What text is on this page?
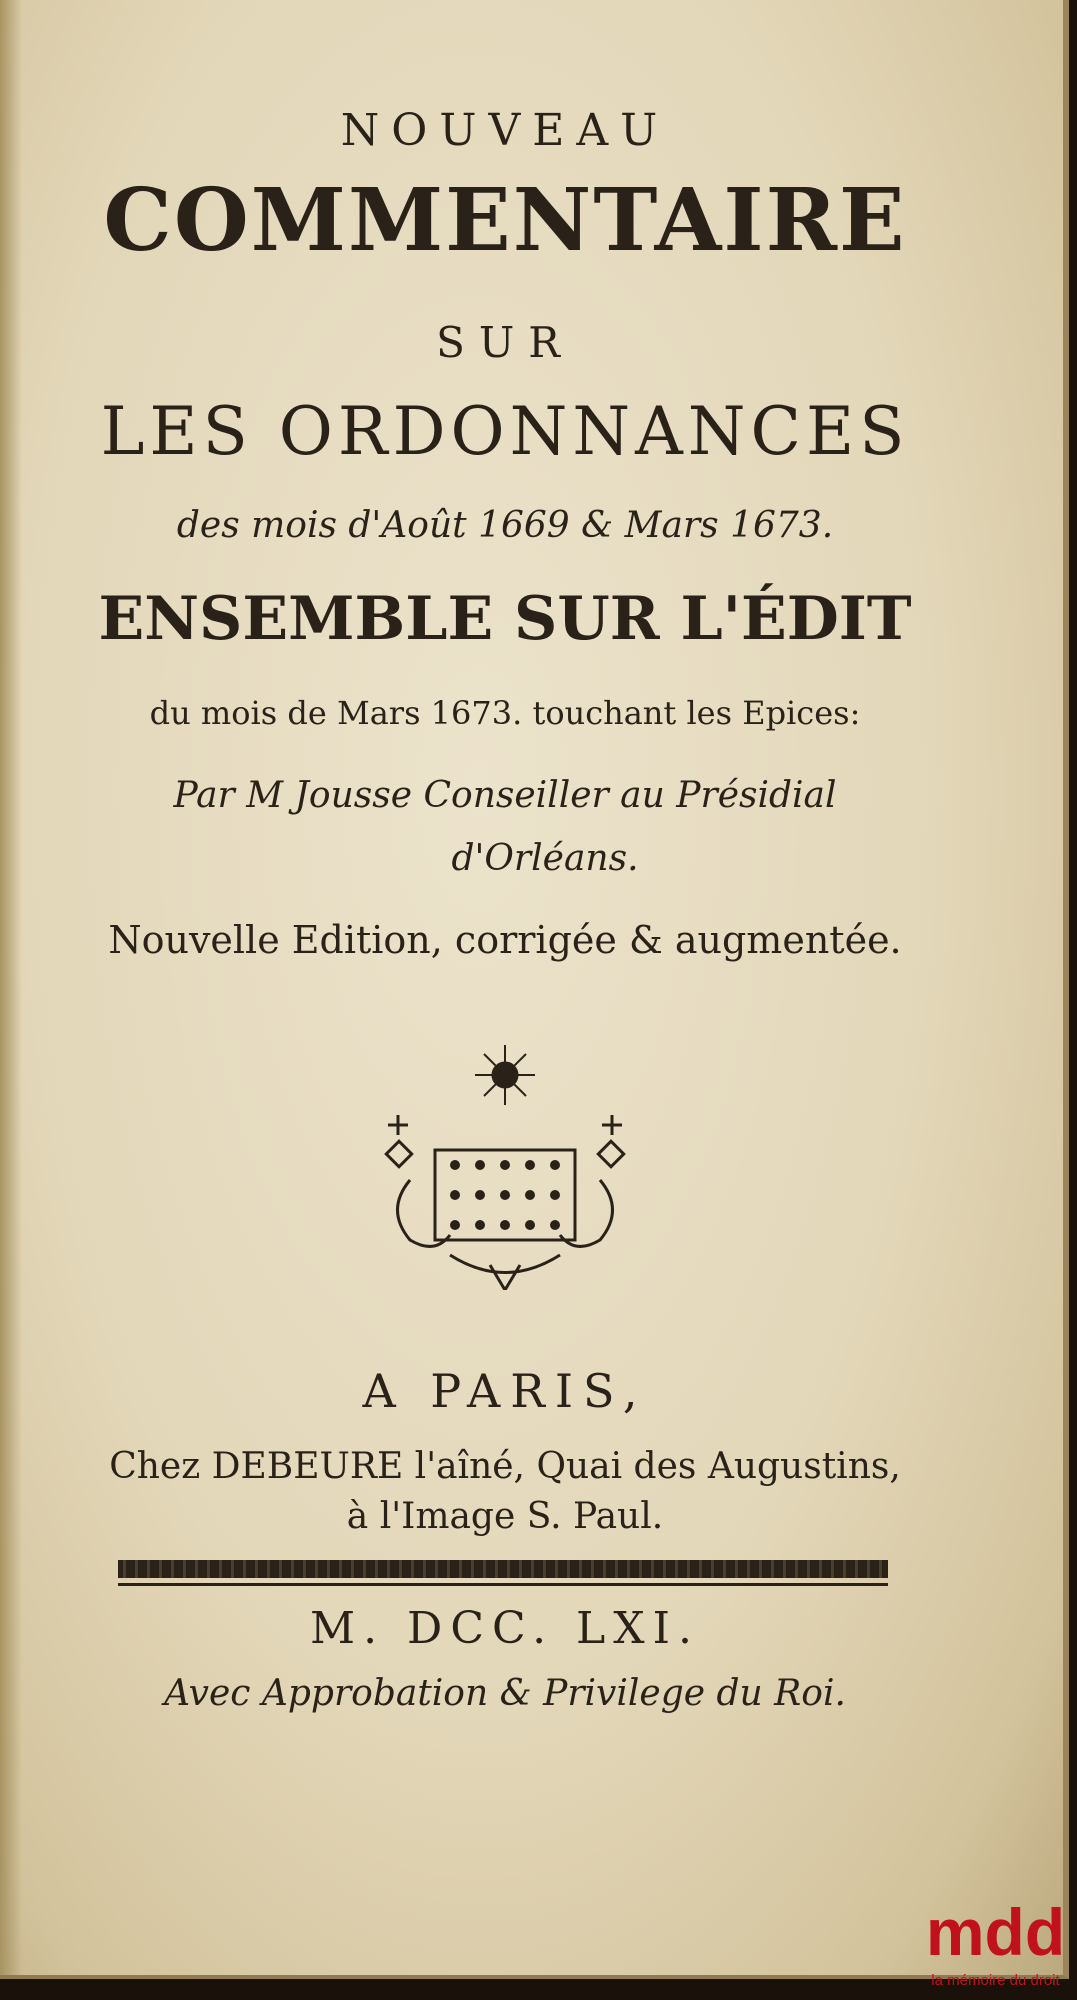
NOUVEAU
COMMENTAIRE
SUR
LES ORDONNANCES
des mois d'Août 1669 & Mars 1673.
ENSEMBLE SUR L'ÉDIT
du mois de Mars 1673. touchant les Epices:
Par M Jousse Conseiller au Présidial
d'Orléans.
Nouvelle Edition, corrigée & augmentée.
A PARIS,
Chez DEBEURE l'aîné, Quai des Augustins,
à l'Image S. Paul.
M. DCC. LXI.
Avec Approbation & Privilege du Roi.
mdd
la mémoire du droit
